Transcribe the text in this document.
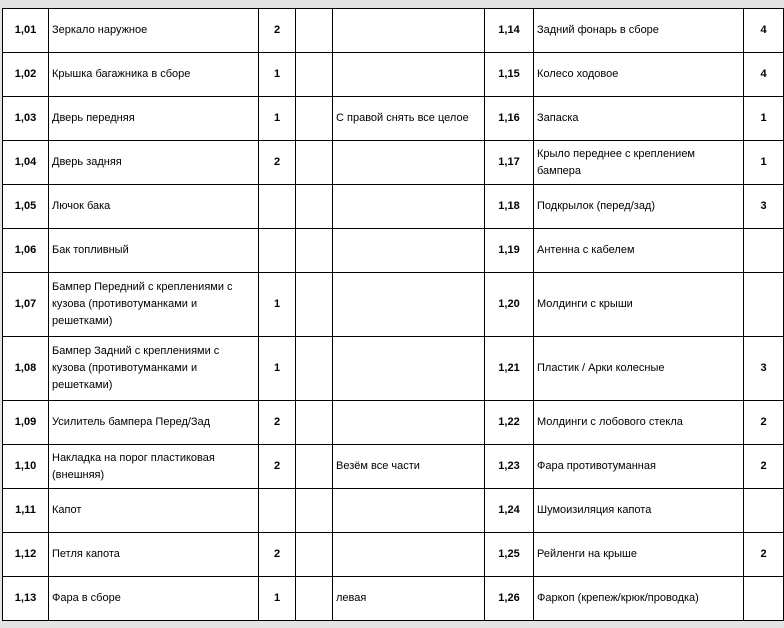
1,01	Зеркало наружное	2			1,14	Задний фонарь в сборе	4
1,02	Крышка багажника в сборе	1			1,15	Колесо ходовое	4
1,03	Дверь передняя	1		С правой снять все целое	1,16	Запаска	1
1,04	Дверь задняя	2			1,17	Крыло переднее с креплением бампера	1
1,05	Лючок бака				1,18	Подкрылок (перед/зад)	3
1,06	Бак топливный				1,19	Антенна с кабелем	
1,07	Бампер Передний с креплениями с кузова (противотуманками и решетками)	1			1,20	Молдинги с крыши	
1,08	Бампер Задний с креплениями с кузова (противотуманками и решетками)	1			1,21	Пластик / Арки колесные	3
1,09	Усилитель бампера Перед/Зад	2			1,22	Молдинги с лобового стекла	2
1,10	Накладка на порог пластиковая (внешняя)	2		Везём все части	1,23	Фара противотуманная	2
1,11	Капот				1,24	Шумоизиляция капота	
1,12	Петля капота	2			1,25	Рейленги на крыше	2
1,13	Фара в сборе	1		левая	1,26	Фаркоп (крепеж/крюк/проводка)	
